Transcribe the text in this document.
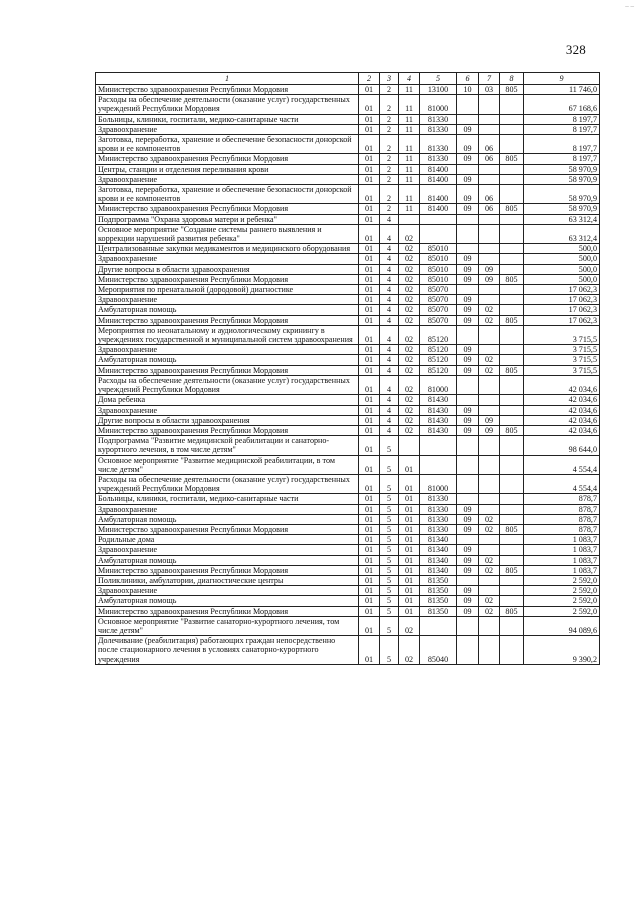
_ _
328
1	2	3	4	5	6	7	8	9
Министерство здравоохранения Республики Мордовия	01	2	11	13100	10	03	805	11 746,0
Расходы на обеспечение деятельности (оказание услуг) государственных учреждений Республики Мордовия	01	2	11	81000				67 168,6
Больницы, клиники, госпитали, медико-санитарные части	01	2	11	81330				8 197,7
Здравоохранение	01	2	11	81330	09			8 197,7
Заготовка, переработка, хранение и обеспечение безопасности донорской крови и ее компонентов	01	2	11	81330	09	06		8 197,7
Министерство здравоохранения Республики Мордовия	01	2	11	81330	09	06	805	8 197,7
Центры, станции и отделения переливания крови	01	2	11	81400				58 970,9
Здравоохранение	01	2	11	81400	09			58 970,9
Заготовка, переработка, хранение и обеспечение безопасности донорской крови и ее компонентов	01	2	11	81400	09	06		58 970,9
Министерство здравоохранения Республики Мордовия	01	2	11	81400	09	06	805	58 970,9
Подпрограмма "Охрана здоровья матери и ребенка"	01	4						63 312,4
Основное мероприятие "Создание системы раннего выявления и коррекции нарушений развития ребенка"	01	4	02					63 312,4
Централизованные закупки медикаментов и медицинского оборудования	01	4	02	85010				500,0
Здравоохранение	01	4	02	85010	09			500,0
Другие вопросы в области здравоохранения	01	4	02	85010	09	09		500,0
Министерство здравоохранения Республики Мордовия	01	4	02	85010	09	09	805	500,0
Мероприятия по пренатальной (дородовой) диагностике	01	4	02	85070				17 062,3
Здравоохранение	01	4	02	85070	09			17 062,3
Амбулаторная помощь	01	4	02	85070	09	02		17 062,3
Министерство здравоохранения Республики Мордовия	01	4	02	85070	09	02	805	17 062,3
Мероприятия по неонатальному и аудиологическому скринингу в учреждениях государственной и муниципальной систем здравоохранения	01	4	02	85120				3 715,5
Здравоохранение	01	4	02	85120	09			3 715,5
Амбулаторная помощь	01	4	02	85120	09	02		3 715,5
Министерство здравоохранения Республики Мордовия	01	4	02	85120	09	02	805	3 715,5
Расходы на обеспечение деятельности (оказание услуг) государственных учреждений Республики Мордовия	01	4	02	81000				42 034,6
Дома ребенка	01	4	02	81430				42 034,6
Здравоохранение	01	4	02	81430	09			42 034,6
Другие вопросы в области здравоохранения	01	4	02	81430	09	09		42 034,6
Министерство здравоохранения Республики Мордовия	01	4	02	81430	09	09	805	42 034,6
Подпрограмма "Развитие медицинской реабилитации и санаторно-курортного лечения, в том числе детям"	01	5						98 644,0
Основное мероприятие "Развитие медицинской реабилитации, в том числе детям"	01	5	01					4 554,4
Расходы на обеспечение деятельности (оказание услуг) государственных учреждений Республики Мордовия	01	5	01	81000				4 554,4
Больницы, клиники, госпитали, медико-санитарные части	01	5	01	81330				878,7
Здравоохранение	01	5	01	81330	09			878,7
Амбулаторная помощь	01	5	01	81330	09	02		878,7
Министерство здравоохранения Республики Мордовия	01	5	01	81330	09	02	805	878,7
Родильные дома	01	5	01	81340				1 083,7
Здравоохранение	01	5	01	81340	09			1 083,7
Амбулаторная помощь	01	5	01	81340	09	02		1 083,7
Министерство здравоохранения Республики Мордовия	01	5	01	81340	09	02	805	1 083,7
Поликлиники, амбулатории, диагностические центры	01	5	01	81350				2 592,0
Здравоохранение	01	5	01	81350	09			2 592,0
Амбулаторная помощь	01	5	01	81350	09	02		2 592,0
Министерство здравоохранения Республики Мордовия	01	5	01	81350	09	02	805	2 592,0
Основное мероприятие "Развитие санаторно-курортного лечения, том числе детям"	01	5	02					94 089,6
Долечивание (реабилитация) работающих граждан непосредственно после стационарного лечения в условиях санаторно-курортного учреждения	01	5	02	85040				9 390,2
